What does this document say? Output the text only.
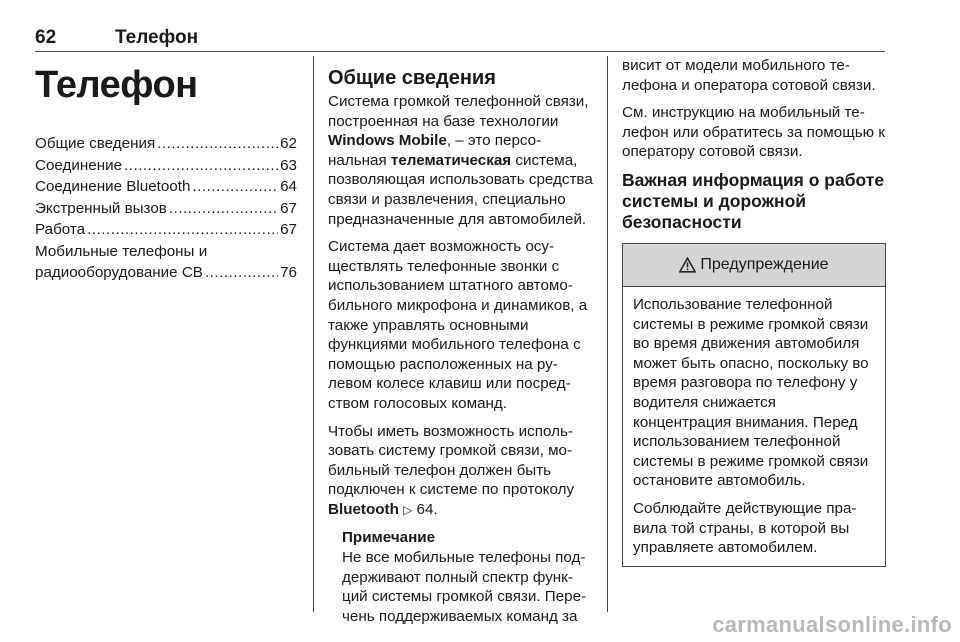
62	Телефон
Телефон
Общие сведения .....	62
Соединение .....	63
Соединение Bluetooth .....	64
Экстренный вызов .....	67
Работа .....	67
Мобильные телефоны и
радиооборудование CB .....	76
Общие сведения

Система громкой телефонной связи, построенная на базе технологии Windows Mobile, – это персональная телематическая система, позволяющая использовать средства связи и развлечения, специально предназначенные для автомобилей.

Система дает возможность осуществлять телефонные звонки с использованием штатного автомобильного микрофона и динамиков, а также управлять основными функциями мобильного телефона с помощью расположенных на рулевом колесе клавиш или посредством голосовых команд.

Чтобы иметь возможность использовать систему громкой связи, мобильный телефон должен быть подключен к системе по протоколу Bluetooth ▷ 64.

Примечание

Не все мобильные телефоны поддерживают полный спектр функций системы громкой связи. Перечень поддерживаемых команд за

висит от модели мобильного телефона и оператора сотовой связи.

См. инструкцию на мобильный телефон или обратитесь за помощью к оператору сотовой связи.

Важная информация о работе системы и дорожной безопасности
Предупреждение

Использование телефонной системы в режиме громкой связи во время движения автомобиля может быть опасно, поскольку во время разговора по телефону у водителя снижается концентрация внимания. Перед использованием телефонной системы в режиме громкой связи остановите автомобиль.

Соблюдайте действующие правила той страны, в которой вы управляете автомобилем.

carmanualsonline.info
